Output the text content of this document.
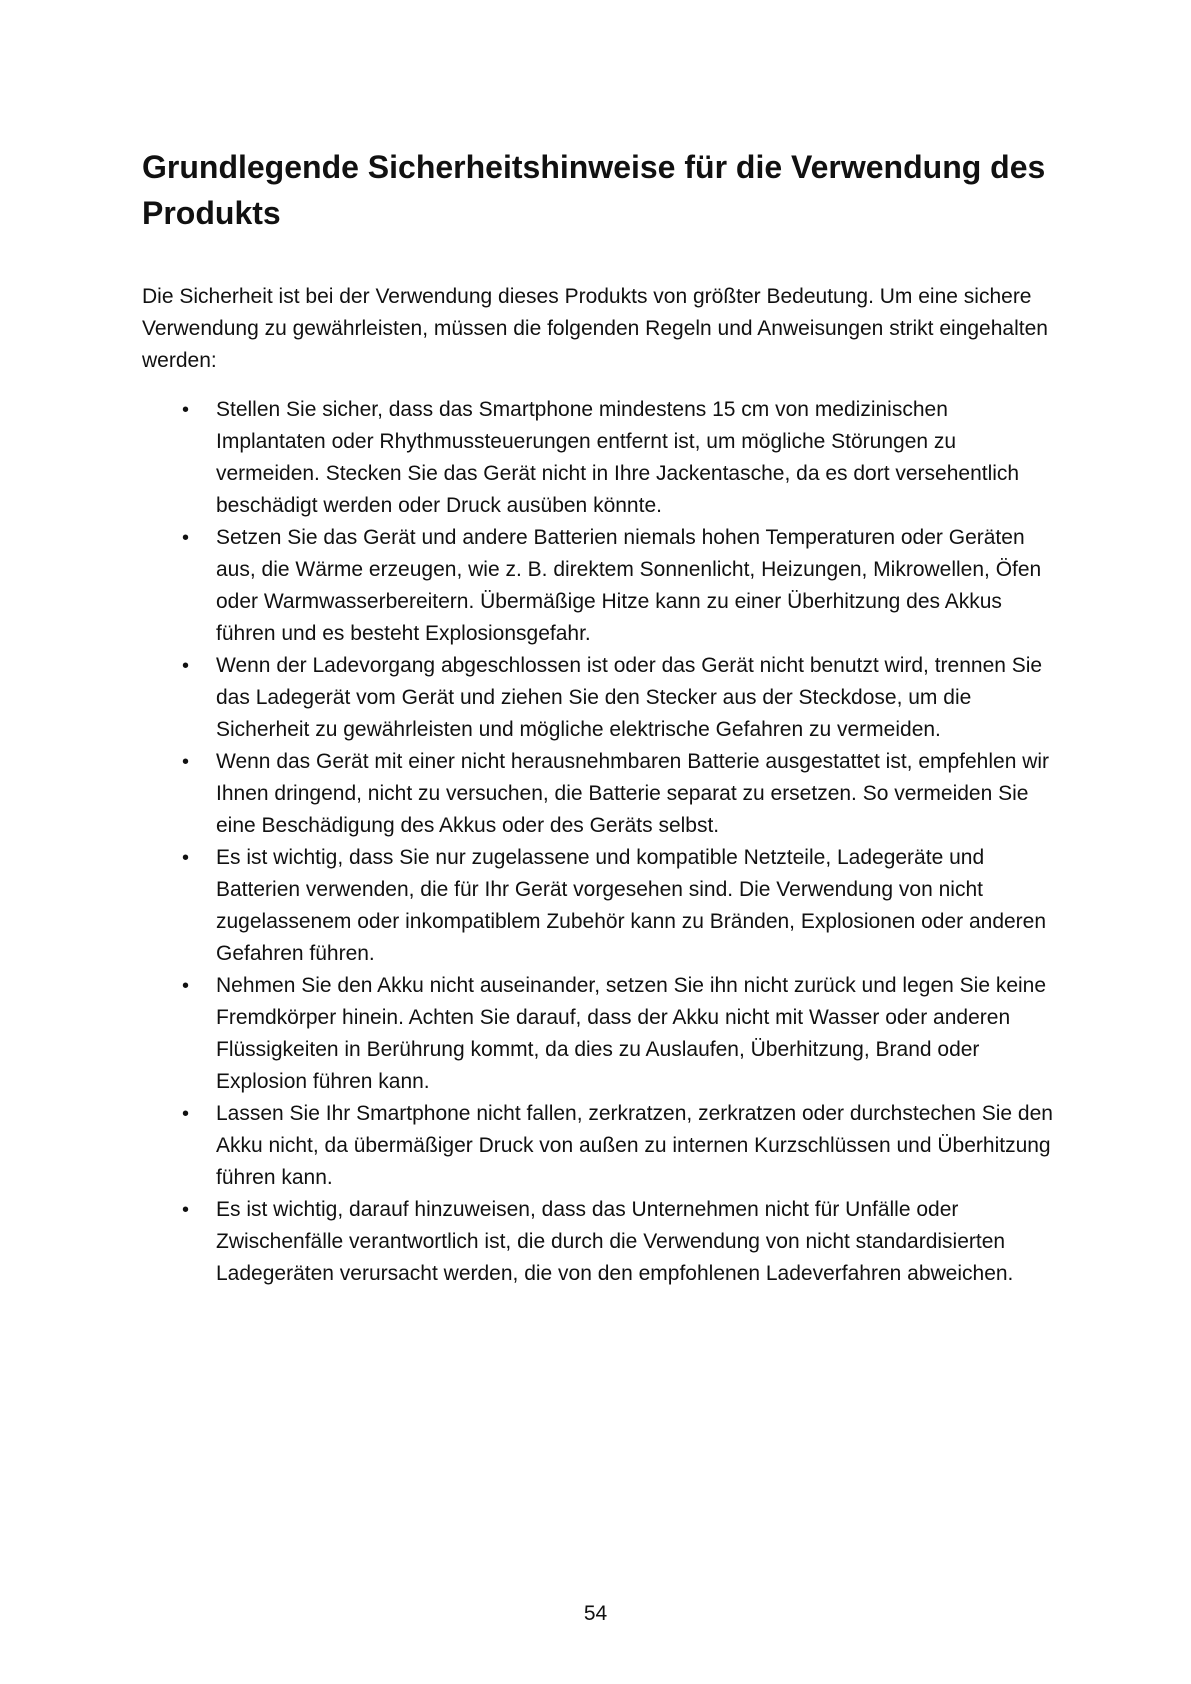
Grundlegende Sicherheitshinweise für die Verwendung des Produkts

Die Sicherheit ist bei der Verwendung dieses Produkts von größter Bedeutung. Um eine sichere Verwendung zu gewährleisten, müssen die folgenden Regeln und Anweisungen strikt eingehalten werden:

•	Stellen Sie sicher, dass das Smartphone mindestens 15 cm von medizinischen Implantaten oder Rhythmussteuerungen entfernt ist, um mögliche Störungen zu vermeiden. Stecken Sie das Gerät nicht in Ihre Jackentasche, da es dort versehentlich beschädigt werden oder Druck ausüben könnte.
•	Setzen Sie das Gerät und andere Batterien niemals hohen Temperaturen oder Geräten aus, die Wärme erzeugen, wie z. B. direktem Sonnenlicht, Heizungen, Mikrowellen, Öfen oder Warmwasserbereitern. Übermäßige Hitze kann zu einer Überhitzung des Akkus führen und es besteht Explosionsgefahr.
•	Wenn der Ladevorgang abgeschlossen ist oder das Gerät nicht benutzt wird, trennen Sie das Ladegerät vom Gerät und ziehen Sie den Stecker aus der Steckdose, um die Sicherheit zu gewährleisten und mögliche elektrische Gefahren zu vermeiden.
•	Wenn das Gerät mit einer nicht herausnehmbaren Batterie ausgestattet ist, empfehlen wir Ihnen dringend, nicht zu versuchen, die Batterie separat zu ersetzen. So vermeiden Sie eine Beschädigung des Akkus oder des Geräts selbst.
•	Es ist wichtig, dass Sie nur zugelassene und kompatible Netzteile, Ladegeräte und Batterien verwenden, die für Ihr Gerät vorgesehen sind. Die Verwendung von nicht zugelassenem oder inkompatiblem Zubehör kann zu Bränden, Explosionen oder anderen Gefahren führen.
•	Nehmen Sie den Akku nicht auseinander, setzen Sie ihn nicht zurück und legen Sie keine Fremdkörper hinein. Achten Sie darauf, dass der Akku nicht mit Wasser oder anderen Flüssigkeiten in Berührung kommt, da dies zu Auslaufen, Überhitzung, Brand oder Explosion führen kann.
•	Lassen Sie Ihr Smartphone nicht fallen, zerkratzen, zerkratzen oder durchstechen Sie den Akku nicht, da übermäßiger Druck von außen zu internen Kurzschlüssen und Überhitzung führen kann.
•	Es ist wichtig, darauf hinzuweisen, dass das Unternehmen nicht für Unfälle oder Zwischenfälle verantwortlich ist, die durch die Verwendung von nicht standardisierten Ladegeräten verursacht werden, die von den empfohlenen Ladeverfahren abweichen.
54
